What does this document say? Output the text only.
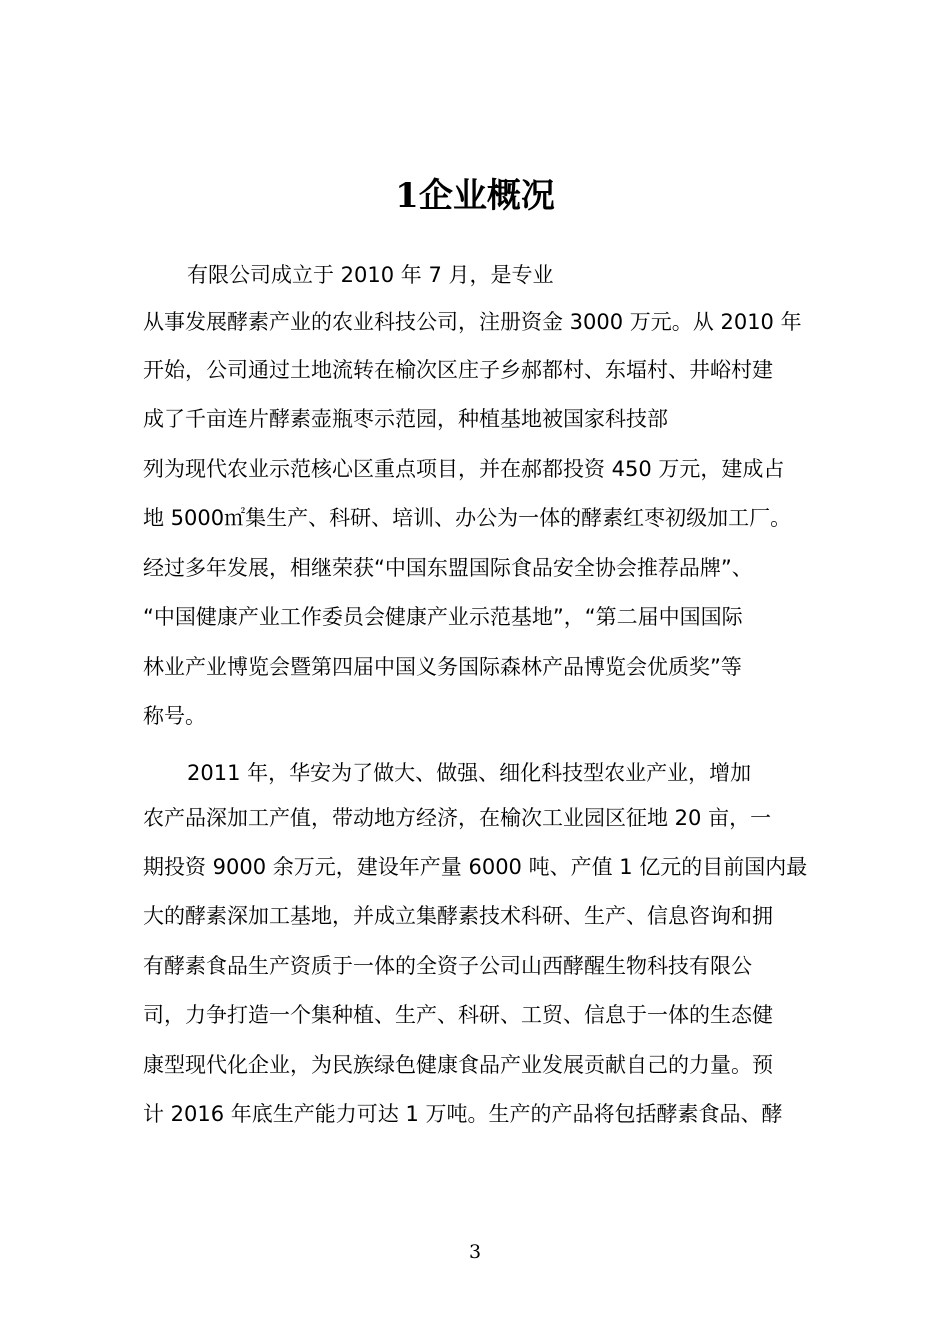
1企业概况

有限公司成立于 2010 年 7 月，是专业

从事发展酵素产业的农业科技公司，注册资金 3000 万元。从 2010 年

开始，公司通过土地流转在榆次区庄子乡郝都村、东堛村、井峪村建

成了千亩连片酵素壶瓶枣示范园，种植基地被国家科技部

列为现代农业示范核心区重点项目，并在郝都投资 450 万元，建成占

地 5000㎡集生产、科研、培训、办公为一体的酵素红枣初级加工厂。

经过多年发展，相继荣获“中国东盟国际食品安全协会推荐品牌”、

“中国健康产业工作委员会健康产业示范基地”，“第二届中国国际

林业产业博览会暨第四届中国义务国际森林产品博览会优质奖”等

称号。

2011 年，华安为了做大、做强、细化科技型农业产业，增加

农产品深加工产值，带动地方经济，在榆次工业园区征地 20 亩，一

期投资 9000 余万元，建设年产量 6000 吨、产值 1 亿元的目前国内最

大的酵素深加工基地，并成立集酵素技术科研、生产、信息咨询和拥

有酵素食品生产资质于一体的全资子公司山西酵醒生物科技有限公

司，力争打造一个集种植、生产、科研、工贸、信息于一体的生态健

康型现代化企业，为民族绿色健康食品产业发展贡献自己的力量。预

计 2016 年底生产能力可达 1 万吨。生产的产品将包括酵素食品、酵

3
